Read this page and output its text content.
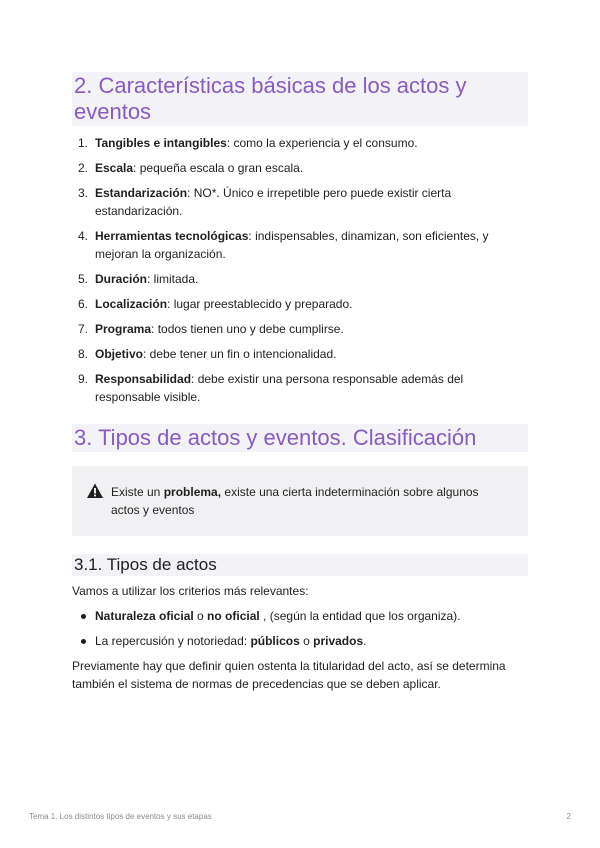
2. Características básicas de los actos y eventos
1. Tangibles e intangibles: como la experiencia y el consumo.
2. Escala: pequeña escala o gran escala.
3. Estandarización: NO*. Único e irrepetible pero puede existir cierta estandarización.
4. Herramientas tecnológicas: indispensables, dinamizan, son eficientes, y mejoran la organización.
5. Duración: limitada.
6. Localización: lugar preestablecido y preparado.
7. Programa: todos tienen uno y debe cumplirse.
8. Objetivo: debe tener un fin o intencionalidad.
9. Responsabilidad: debe existir una persona responsable además del responsable visible.
3. Tipos de actos y eventos. Clasificación
Existe un problema, existe una cierta indeterminación sobre algunos actos y eventos
3.1. Tipos de actos

Vamos a utilizar los criterios más relevantes:

Naturaleza oficial o no oficial , (según la entidad que los organiza).
La repercusión y notoriedad: públicos o privados.

Previamente hay que definir quien ostenta la titularidad del acto, así se determina también el sistema de normas de precedencias que se deben aplicar.

Tema 1. Los distintos tipos de eventos y sus etapas	2
